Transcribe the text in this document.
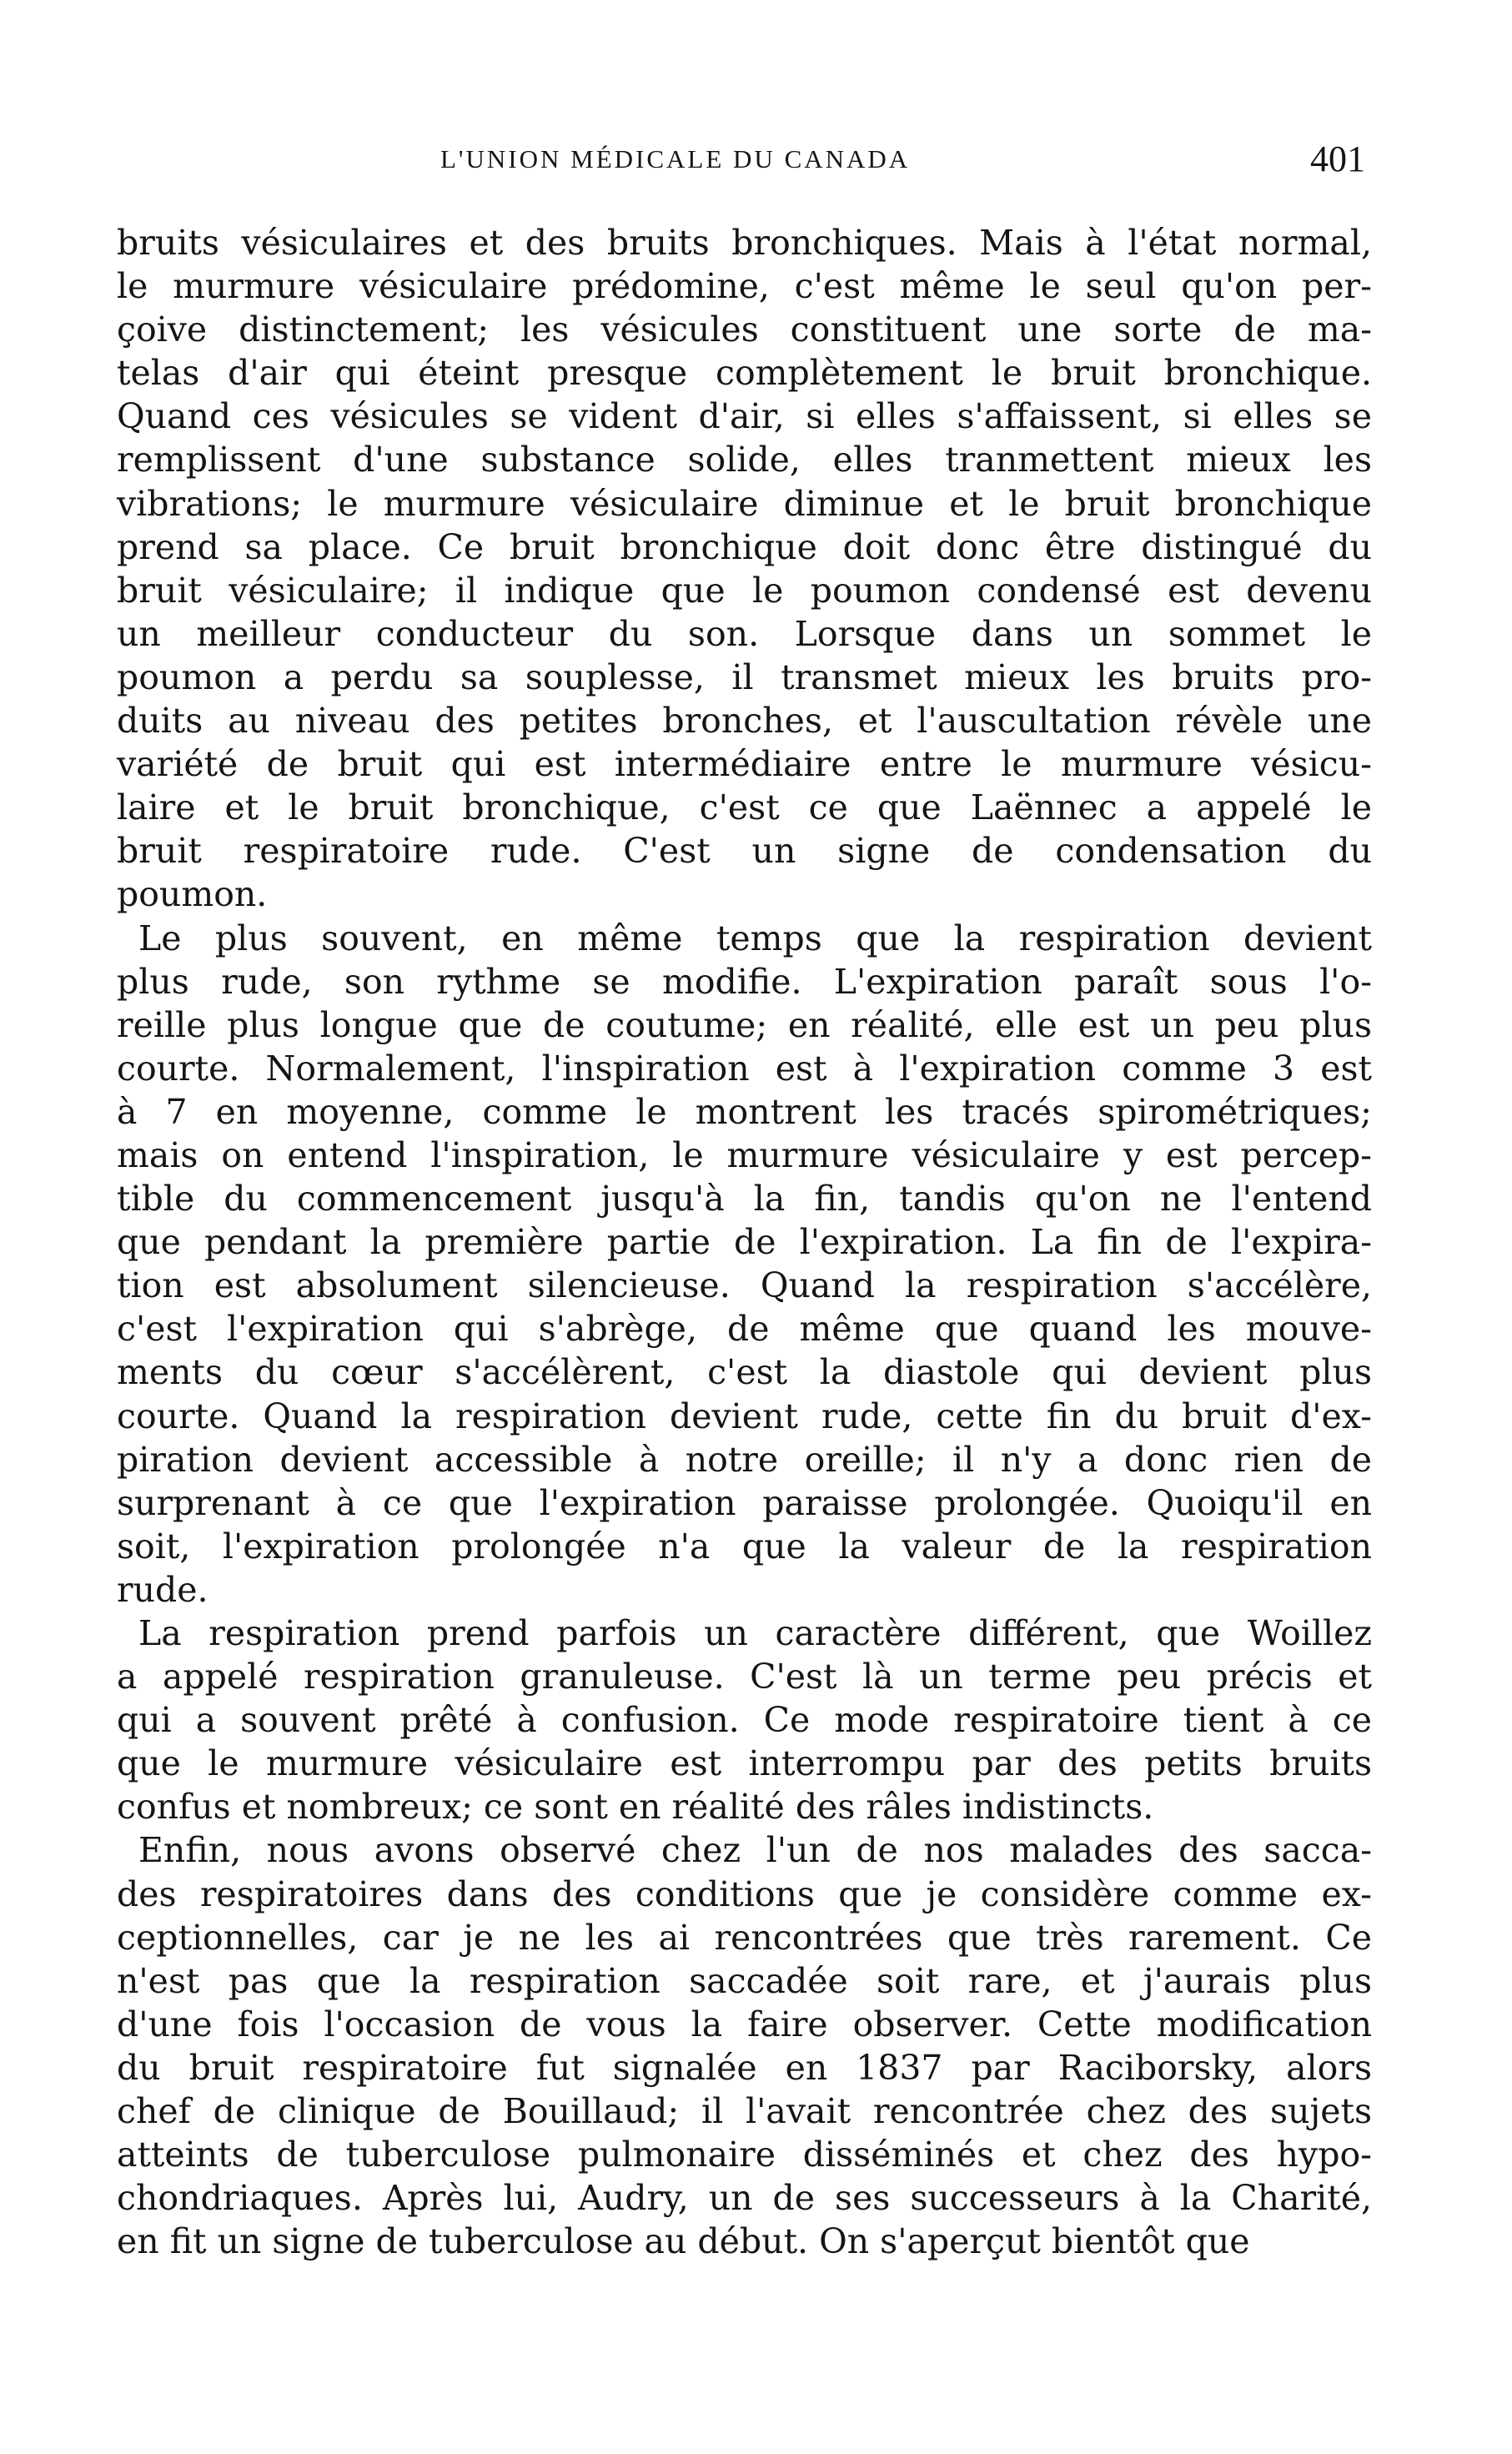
L'UNION MÉDICALE DU CANADA	401
bruits vésiculaires et des bruits bronchiques. Mais à l'état normal,
le murmure vésiculaire prédomine, c'est même le seul qu'on per-
çoive distinctement; les vésicules constituent une sorte de ma-
telas d'air qui éteint presque complètement le bruit bronchique.
Quand ces vésicules se vident d'air, si elles s'affaissent, si elles se
remplissent d'une substance solide, elles tranmettent mieux les
vibrations; le murmure vésiculaire diminue et le bruit bronchique
prend sa place. Ce bruit bronchique doit donc être distingué du
bruit vésiculaire; il indique que le poumon condensé est devenu
un meilleur conducteur du son. Lorsque dans un sommet le
poumon a perdu sa souplesse, il transmet mieux les bruits pro-
duits au niveau des petites bronches, et l'auscultation révèle une
variété de bruit qui est intermédiaire entre le murmure vésicu-
laire et le bruit bronchique, c'est ce que Laënnec a appelé le
bruit respiratoire rude. C'est un signe de condensation du
poumon.
Le plus souvent, en même temps que la respiration devient
plus rude, son rythme se modifie. L'expiration paraît sous l'o-
reille plus longue que de coutume; en réalité, elle est un peu plus
courte. Normalement, l'inspiration est à l'expiration comme 3 est
à 7 en moyenne, comme le montrent les tracés spirométriques;
mais on entend l'inspiration, le murmure vésiculaire y est percep-
tible du commencement jusqu'à la fin, tandis qu'on ne l'entend
que pendant la première partie de l'expiration. La fin de l'expira-
tion est absolument silencieuse. Quand la respiration s'accélère,
c'est l'expiration qui s'abrège, de même que quand les mouve-
ments du cœur s'accélèrent, c'est la diastole qui devient plus
courte. Quand la respiration devient rude, cette fin du bruit d'ex-
piration devient accessible à notre oreille; il n'y a donc rien de
surprenant à ce que l'expiration paraisse prolongée. Quoiqu'il en
soit, l'expiration prolongée n'a que la valeur de la respiration
rude.
La respiration prend parfois un caractère différent, que Woillez
a appelé respiration granuleuse. C'est là un terme peu précis et
qui a souvent prêté à confusion. Ce mode respiratoire tient à ce
que le murmure vésiculaire est interrompu par des petits bruits
confus et nombreux; ce sont en réalité des râles indistincts.
Enfin, nous avons observé chez l'un de nos malades des sacca-
des respiratoires dans des conditions que je considère comme ex-
ceptionnelles, car je ne les ai rencontrées que très rarement. Ce
n'est pas que la respiration saccadée soit rare, et j'aurais plus
d'une fois l'occasion de vous la faire observer. Cette modification
du bruit respiratoire fut signalée en 1837 par Raciborsky, alors
chef de clinique de Bouillaud; il l'avait rencontrée chez des sujets
atteints de tuberculose pulmonaire disséminés et chez des hypo-
chondriaques. Après lui, Audry, un de ses successeurs à la Charité,
en fit un signe de tuberculose au début. On s'aperçut bientôt que
